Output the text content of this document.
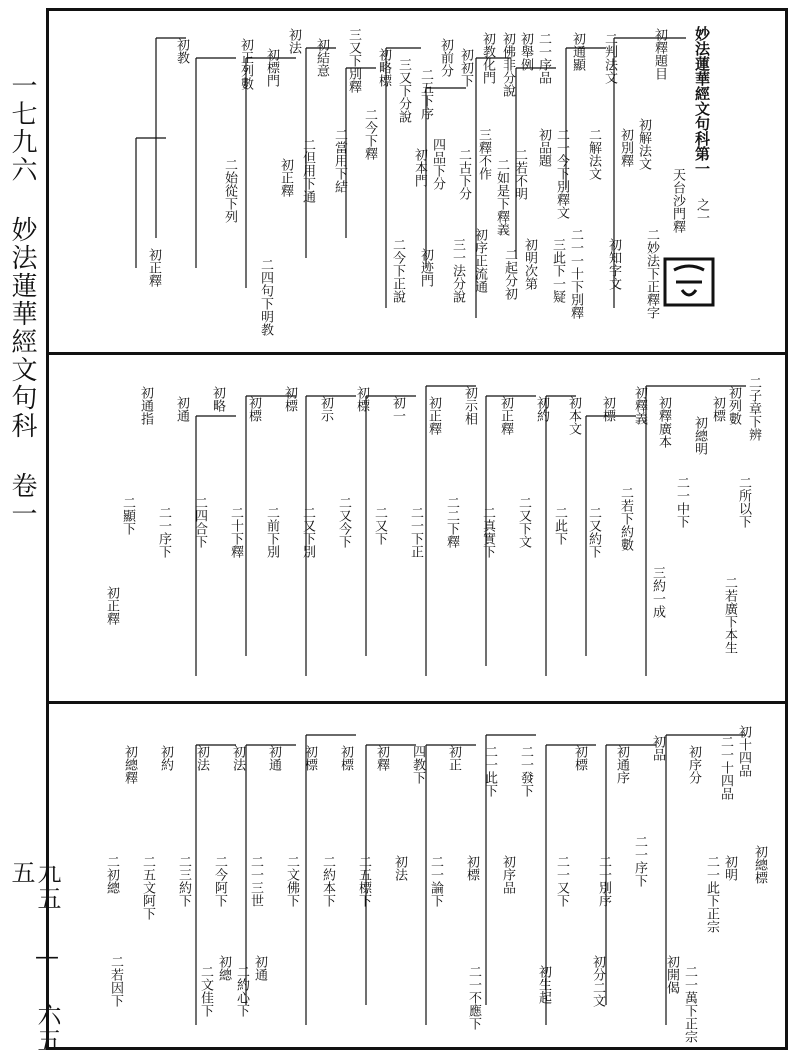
一七九六 妙法蓮華經文句科 卷一
九五 — 六五五
妙法蓮華經文句科第一
之一
天台沙門釋
初釋題目
初解法文
二妙法下正釋字
初別釋
二判法文
二解法文
初知字文
二一一十下別釋
三此下一疑
初通顯
二一今下別釋文
初品題
二一序品
初舉例
初佛非分說
二若不明
二如是下釋義
初明次第
二起分初
初教化門
三釋不作
初序正流通
初初下
二古下分
三一法分說
初前分
四品下分
二五下序
初本門
初迹門
三又下分說
二今下正說
初略標
二今下釋
三又下別釋
二當用下結
初結意
二但用下通
初法
初正釋
初標門
二四句下明教
初正列數
二始從下列
初教
初正釋
二子章下辨
初列數
二所以下
初標
二若廣下本生
初總明
二一中下
初釋廣本
三約一成
初釋義
二若下約數
初標
二又約下
初本文
二此下
初約
二又下文
初正釋
二真實下
初示相
二二下釋
初正釋
二一下正
初一
二又下
初標
二又今下
初示
二又下別
初標
二前下別
初標
二十下釋
初略
二四合下
初通
二一序下
初通指
二顯下
初正釋
初總標
初十四品
二一十四品
初明
二一此下正宗
初序分
二一萬下正宗
初開偈
初品
二一序下
初通序
二一別序
初分二文
初標
二一又下
初生起
二一發下
初序品
二一此下
初標
二一不應下
初正
二一論下
四教下
初法
初釋
二五標下
初標
二約本下
初標
二文佛下
初通
二一三世
初法
二今阿下
初法
二三約下
初約
二五文阿下
初通
二約心下
初總
二文佳下
初總釋
二初總
二若因下
